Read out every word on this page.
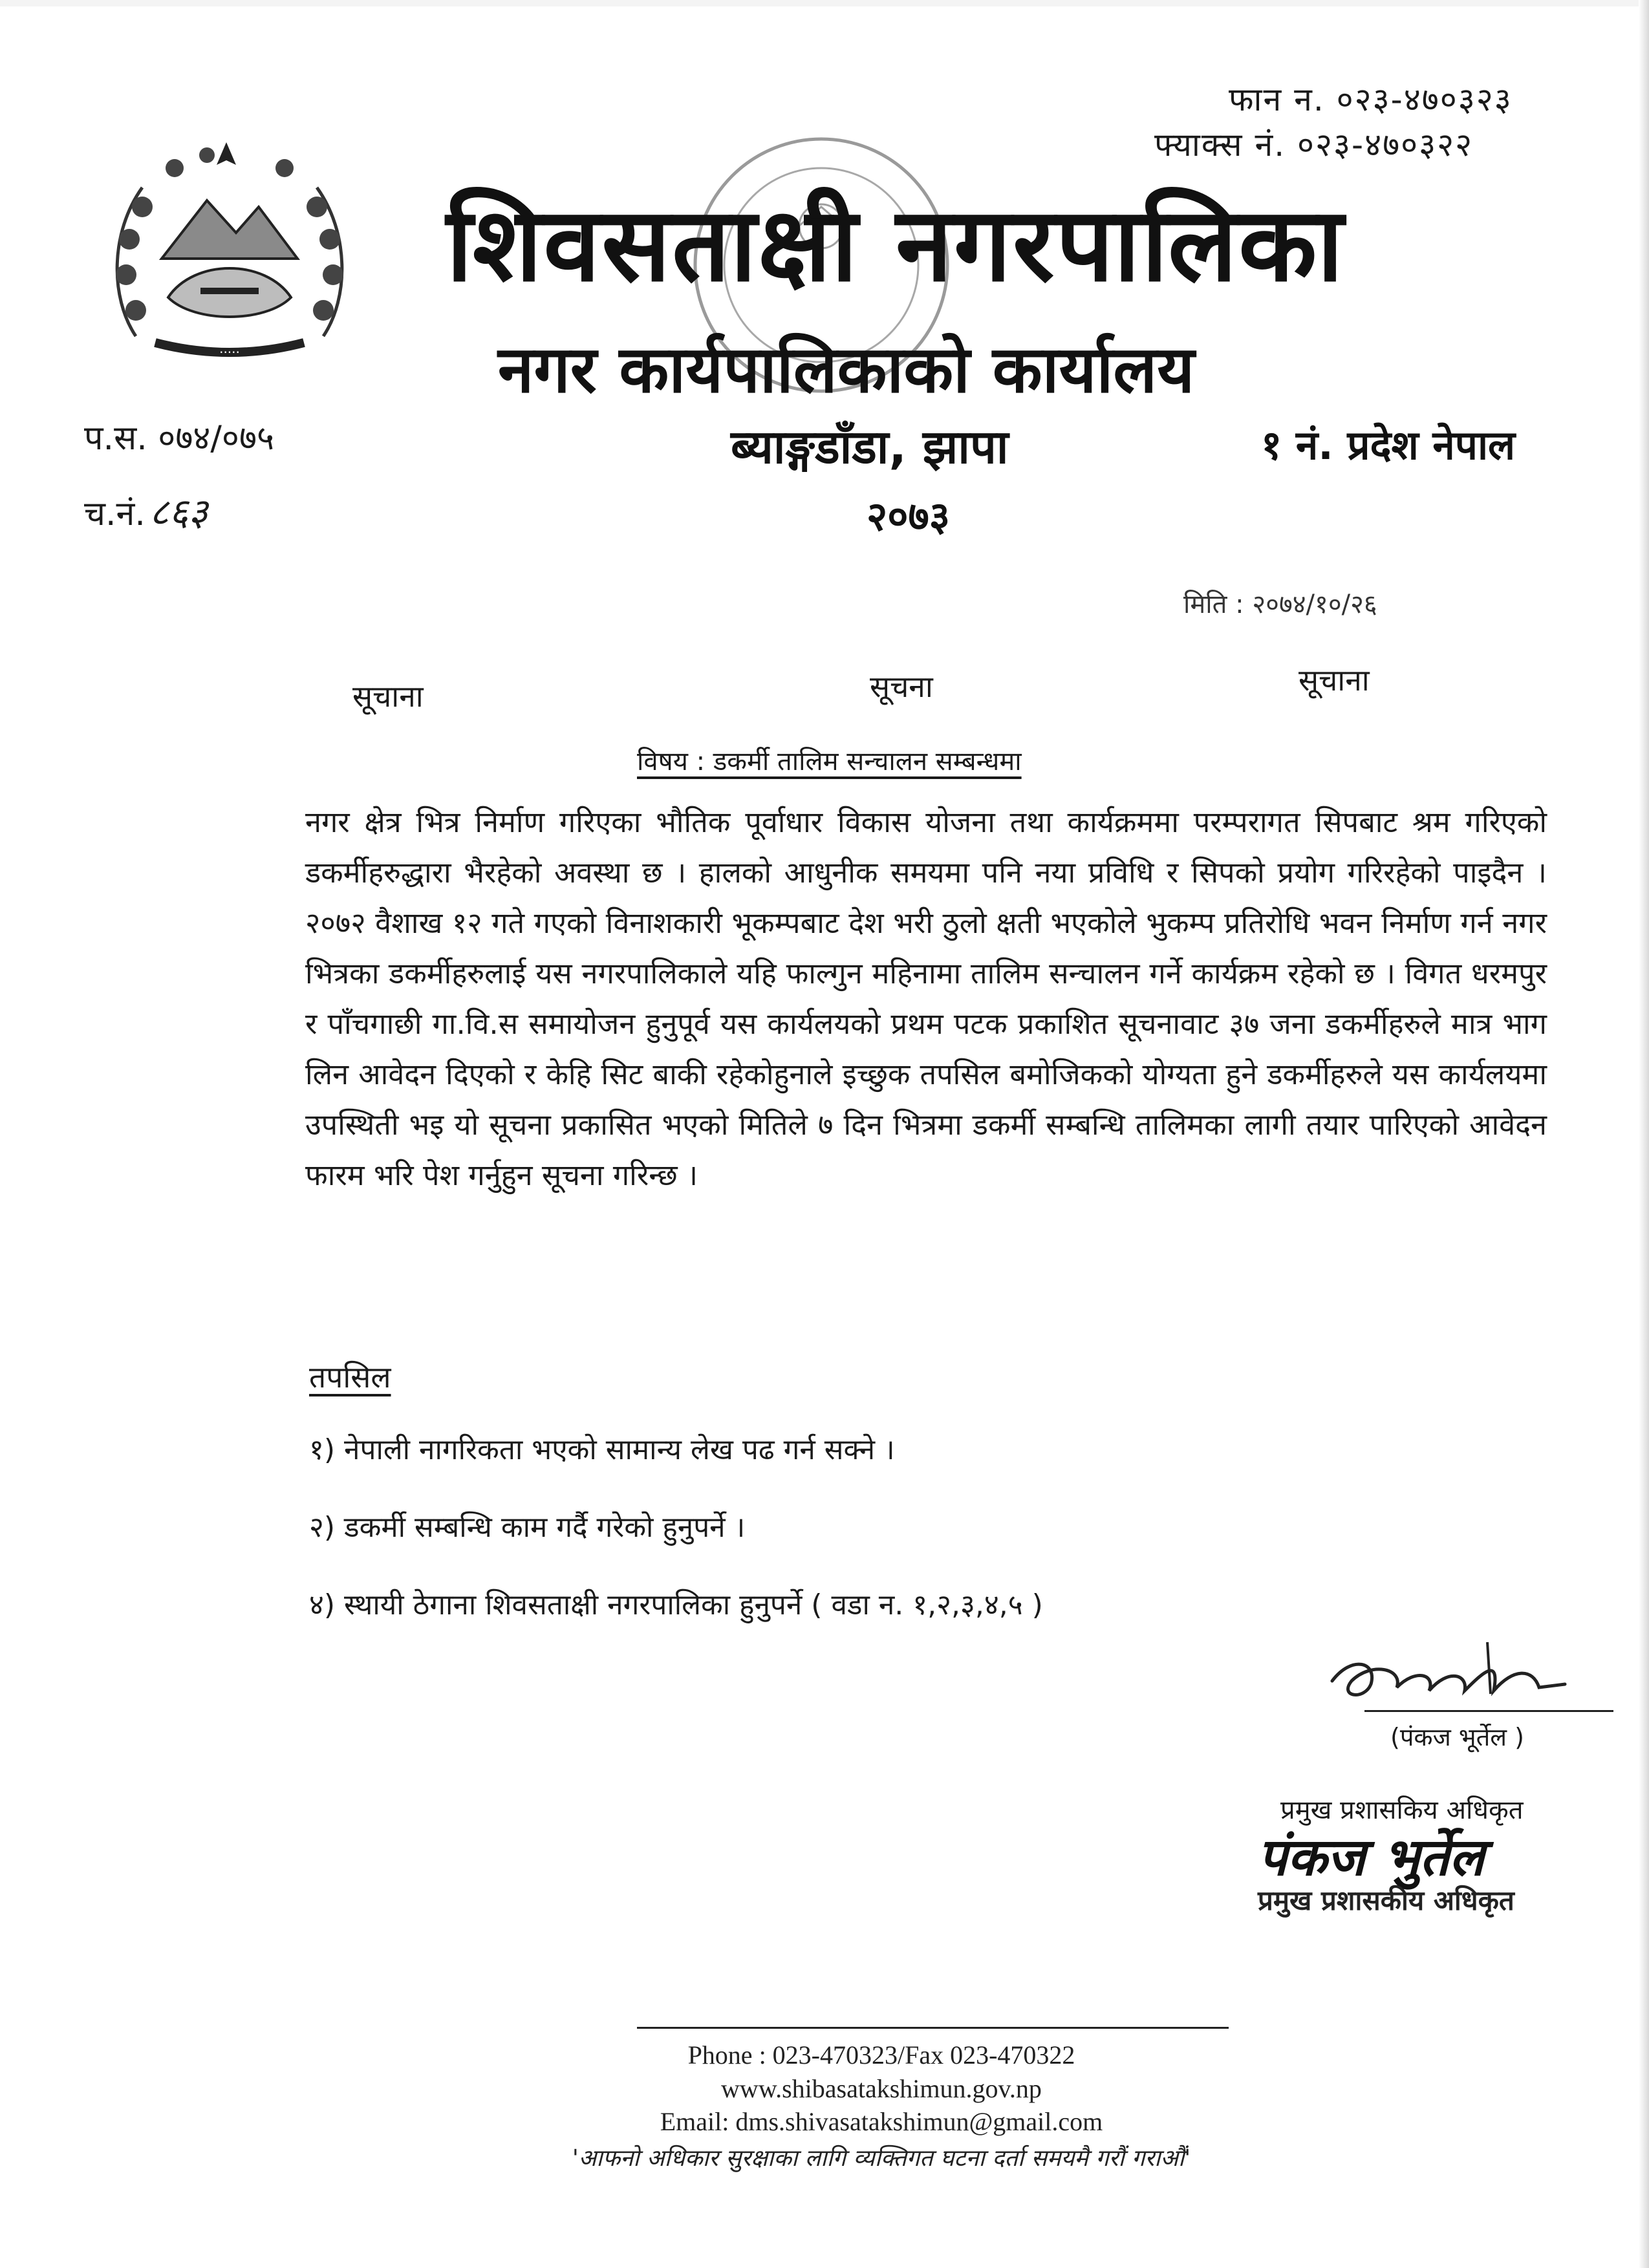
फान न. ०२३-४७०३२३
फ्याक्स नं. ०२३-४७०३२२
·····
शिवसताक्षी नगरपालिका
नगर कार्यपालिकाको कार्यालय
ब्याङ्गडाँडा, झापा	१ नं. प्रदेश नेपाल
२०७३
प.स. ०७४/०७५
च.नं. ८६३
मिति : २०७४/१०/२६
सूचाना	सूचना	सूचाना
विषय : डकर्मी तालिम सन्चालन सम्बन्धमा
नगर क्षेत्र भित्र निर्माण गरिएका भौतिक पूर्वाधार विकास योजना तथा कार्यक्रममा परम्परागत सिपबाट श्रम गरिएको डकर्मीहरुद्धारा भैरहेको अवस्था छ । हालको आधुनीक समयमा पनि नया प्रविधि र सिपको प्रयोग गरिरहेको पाइदैन । २०७२ वैशाख १२ गते गएको विनाशकारी भूकम्पबाट देश भरी ठुलो क्षती भएकोले भुकम्प प्रतिरोधि भवन निर्माण गर्न नगर भित्रका डकर्मीहरुलाई यस नगरपालिकाले यहि फाल्गुन महिनामा तालिम सन्चालन गर्ने कार्यक्रम रहेको छ । विगत धरमपुर र पाँचगाछी गा.वि.स समायोजन हुनुपूर्व यस कार्यलयको प्रथम पटक प्रकाशित सूचनावाट ३७ जना डकर्मीहरुले मात्र भाग लिन आवेदन दिएको र केहि सिट बाकी रहेकोहुनाले इच्छुक तपसिल बमोजिकको योग्यता हुने डकर्मीहरुले यस कार्यलयमा उपस्थिती भइ यो सूचना प्रकासित भएको मितिले ७ दिन भित्रमा डकर्मी सम्बन्धि तालिमका लागी तयार पारिएको आवेदन फारम भरि पेश गर्नुहुन सूचना गरिन्छ ।
तपसिल
१) नेपाली नागरिकता भएको सामान्य लेख पढ गर्न सक्ने ।
२) डकर्मी सम्बन्धि काम गर्दै गरेको हुनुपर्ने ।
४) स्थायी ठेगाना शिवसताक्षी नगरपालिका हुनुपर्ने ( वडा न. १,२,३,४,५ )
(पंकज भूर्तेल )
प्रमुख प्रशासकिय अधिकृत
पंकज भुर्तेल
प्रमुख प्रशासकीय अधिकृत
Phone : 023-470323/Fax 023-470322
www.shibasatakshimun.gov.np
Email: dms.shivasatakshimun@gmail.com
'आफनो अधिकार सुरक्षाका लागि व्यक्तिगत घटना दर्ता समयमै गरौं गराऔं'
